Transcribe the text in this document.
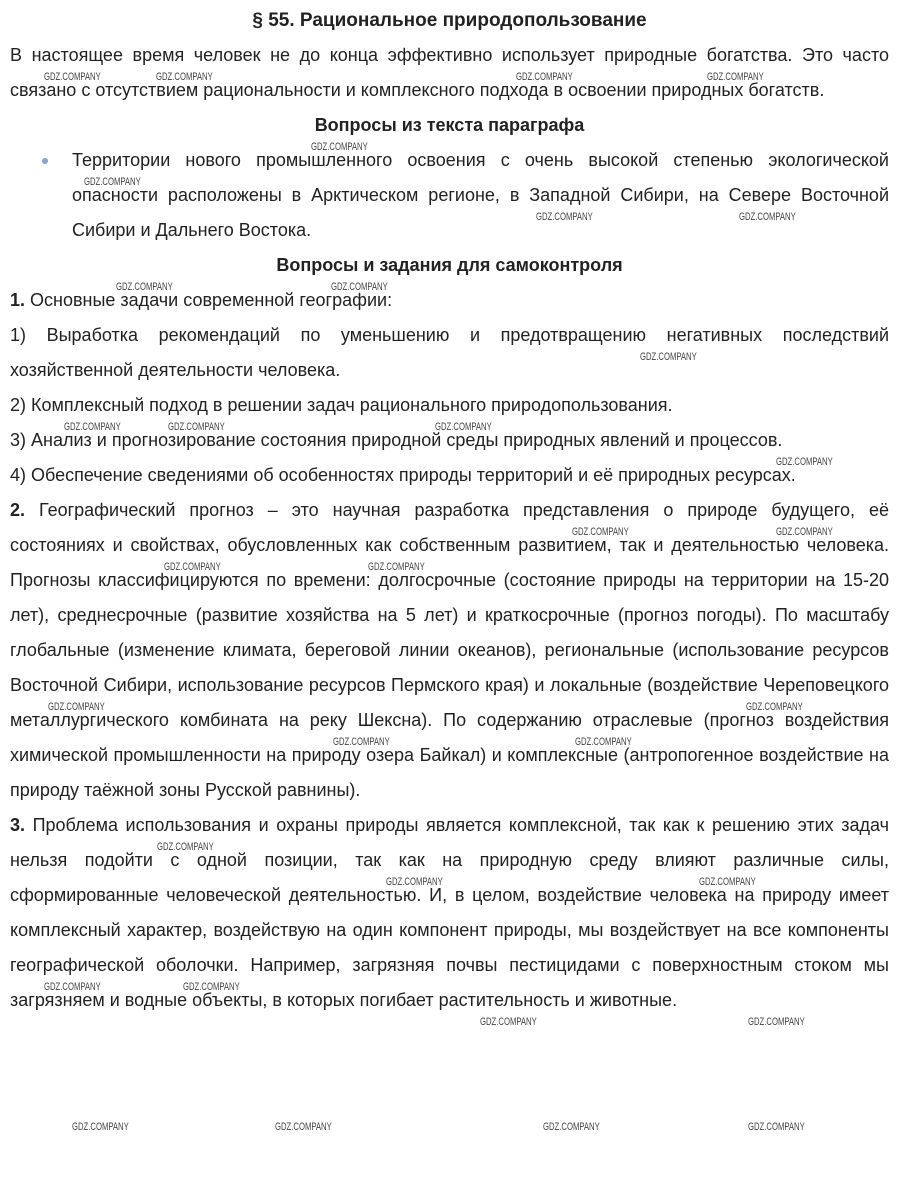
§ 55. Рациональное природопользование

В настоящее время человек не до конца эффективно использует природные богатства. Это часто связано с отсутствием рациональности и комплексного подхода в освоении природных богатств.

Вопросы из текста параграфа
Территории нового промышленного освоения с очень высокой степенью экологической опасности расположены в Арктическом регионе, в Западной Сибири, на Севере Восточной Сибири и Дальнего Востока.
Вопросы и задания для самоконтроля

1. Основные задачи современной географии:

1) Выработка рекомендаций по уменьшению и предотвращению негативных последствий хозяйственной деятельности человека.

2) Комплексный подход в решении задач рационального природопользования.

3) Анализ и прогнозирование состояния природной среды природных явлений и процессов.

4) Обеспечение сведениями об особенностях природы территорий и её природных ресурсах.

2. Географический прогноз – это научная разработка представления о природе будущего, её состояниях и свойствах, обусловленных как собственным развитием, так и деятельностью человека. Прогнозы классифицируются по времени: долгосрочные (состояние природы на территории на 15-20 лет), среднесрочные (развитие хозяйства на 5 лет) и краткосрочные (прогноз погоды). По масштабу глобальные (изменение климата, береговой линии океанов), региональные (использование ресурсов Восточной Сибири, использование ресурсов Пермского края) и локальные (воздействие Череповецкого металлургического комбината на реку Шексна). По содержанию отраслевые (прогноз воздействия химической промышленности на природу озера Байкал) и комплексные (антропогенное воздействие на природу таёжной зоны Русской равнины).

3. Проблема использования и охраны природы является комплексной, так как к решению этих задач нельзя подойти с одной позиции, так как на природную среду влияют различные силы, сформированные человеческой деятельностью. И, в целом, воздействие человека на природу имеет комплексный характер, воздействую на один компонент природы, мы воздействует на все компоненты географической оболочки. Например, загрязняя почвы пестицидами с поверхностным стоком мы загрязняем и водные объекты, в которых погибает растительность и животные.

GDZ.COMPANY	GDZ.COMPANY	GDZ.COMPANY	GDZ.COMPANY
GDZ.COMPANY
GDZ.COMPANY
GDZ.COMPANY	GDZ.COMPANY
GDZ.COMPANY
GDZ.COMPANY
GDZ.COMPANY
GDZ.COMPANY	GDZ.COMPANY
GDZ.COMPANY
GDZ.COMPANY
GDZ.COMPANY	GDZ.COMPANY
GDZ.COMPANY	GDZ.COMPANY
GDZ.COMPANY
GDZ.COMPANY
GDZ.COMPANY	GDZ.COMPANY
GDZ.COMPANY
GDZ.COMPANY	GDZ.COMPANY
GDZ.COMPANY	GDZ.COMPANY
GDZ.COMPANY	GDZ.COMPANY
GDZ.COMPANY	GDZ.COMPANY	GDZ.COMPANY	GDZ.COMPANY
